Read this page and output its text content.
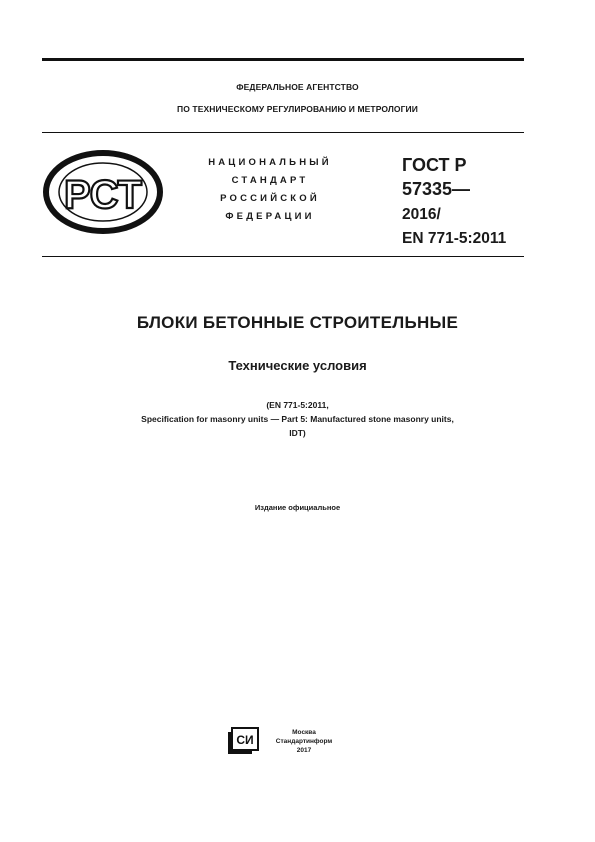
ФЕДЕРАЛЬНОЕ АГЕНТСТВО
ПО ТЕХНИЧЕСКОМУ РЕГУЛИРОВАНИЮ И МЕТРОЛОГИИ
РСТ
НАЦИОНАЛЬНЫЙ
СТАНДАРТ
РОССИЙСКОЙ
ФЕДЕРАЦИИ
ГОСТ Р
57335—
2016/
EN 771-5:2011
БЛОКИ БЕТОННЫЕ СТРОИТЕЛЬНЫЕ
Технические условия
(EN 771-5:2011,
Specification for masonry units — Part 5: Manufactured stone masonry units,
IDT)
Издание официальное
СИ
Москва
Стандартинформ
2017
